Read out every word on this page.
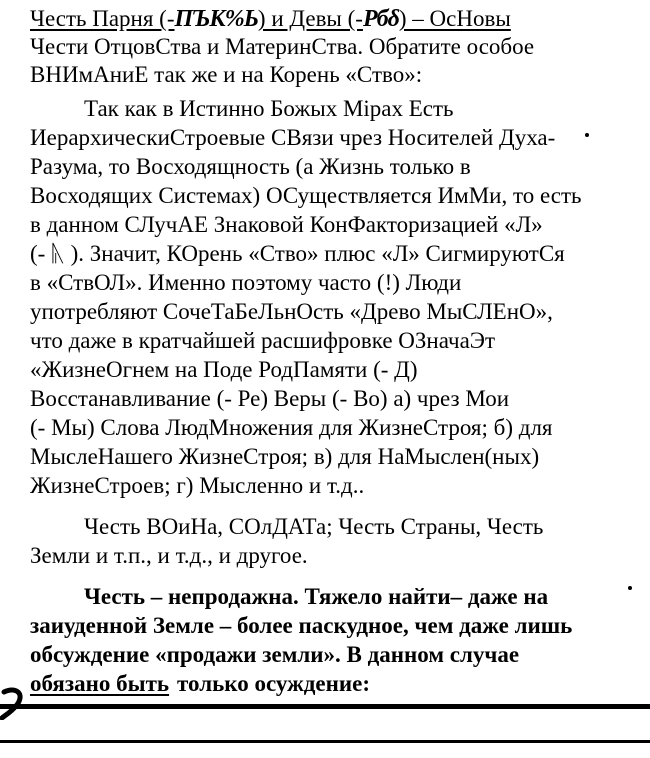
Честь Парня (-ПЪК%Ь) и Девы (-Рбδ) – ОсНовы
Чести ОтцовСтва и МатеринСтва. Обратите особое
ВНИмАниЕ так же и на Корень «Ство»:
Так как в Истинно Божых Мірах Есть
ИерархическиСтроевые СВязи чрез Носителей Духа-
Разума, то Восходящность (а Жизнь только в
Восходящих Системах) ОСуществляется ИмМи, то есть
в данном СЛучАЕ Знаковой КонФакторизацией «Л»
(- ᚣ ). Значит, КОрень «Ство» плюс «Л» СигмируютСя
в «СтвОЛ». Именно поэтому часто (!) Люди
употребляют СочеТаБеЛьнОсть «Древо МыСЛЕнО»,
что даже в кратчайшей расшифровке ОЗначаЭт
«ЖизнеОгнем на Поде РодПамяти (- Д)
Восстанавливание (- Ре) Веры (- Во) а) чрез Мои
(- Мы) Слова ЛюдМножения для ЖизнеСтроя; б) для
МыслеНашего ЖизнеСтроя; в) для НаМыслен(ных)
ЖизнеСтроев; г) Мысленно и т.д..
Честь ВОиНа, СОлДАТа; Честь Страны, Честь
Земли и т.п., и т.д., и другое.
Честь – непродажна. Тяжело найти– даже на
заиуденной Земле – более паскудное, чем даже лишь
обсуждение «продажи земли». В данном случае
обязано быть только осуждение:
